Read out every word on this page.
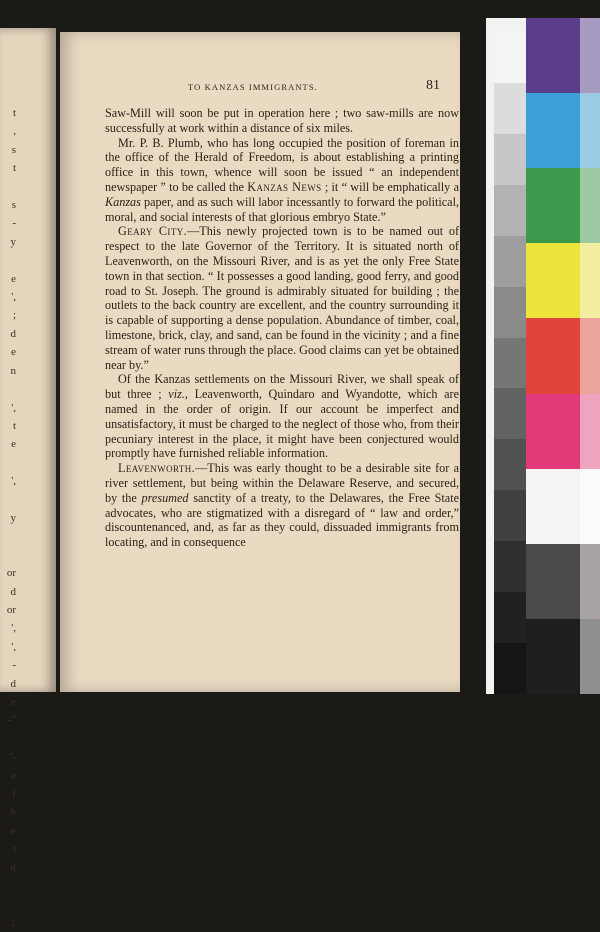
t
,
s
t

s
-
y

e
',
;
d
e
n

',
t
e

',

y

or
d
or
',
',
-
d
e
-"

'-
e
f
h
e
t
d

1
TO KANZAS IMMIGRANTS.	81

Saw-Mill will soon be put in operation here ; two saw-mills are now successfully at work within a distance of six miles.

Mr. P. B. Plumb, who has long occupied the position of foreman in the office of the Herald of Freedom, is about establishing a printing office in this town, whence will soon be issued “ an independent newspaper ” to be called the Kanzas News ; it “ will be emphatically a Kanzas paper, and as such will labor incessantly to forward the political, moral, and social interests of that glorious embryo State.”

Geary City.—This newly projected town is to be named out of respect to the late Governor of the Territory. It is situated north of Leavenworth, on the Missouri River, and is as yet the only Free State town in that section. “ It possesses a good landing, good ferry, and good road to St. Joseph. The ground is admirably situated for building ; the outlets to the back country are excellent, and the country surrounding it is capable of supporting a dense population. Abundance of timber, coal, limestone, brick, clay, and sand, can be found in the vicinity ; and a fine stream of water runs through the place. Good claims can yet be obtained near by.”

Of the Kanzas settlements on the Missouri River, we shall speak of but three ; viz., Leavenworth, Quindaro and Wyandotte, which are named in the order of origin. If our account be imperfect and unsatisfactory, it must be charged to the neglect of those who, from their pecuniary interest in the place, it might have been conjectured would promptly have furnished reliable information.

Leavenworth.—This was early thought to be a desirable site for a river settlement, but being within the Delaware Reserve, and secured, by the presumed sanctity of a treaty, to the Delawares, the Free State advocates, who are stigmatized with a disregard of “ law and order,” discountenanced, and, as far as they could, dissuaded immigrants from locating, and in consequence
